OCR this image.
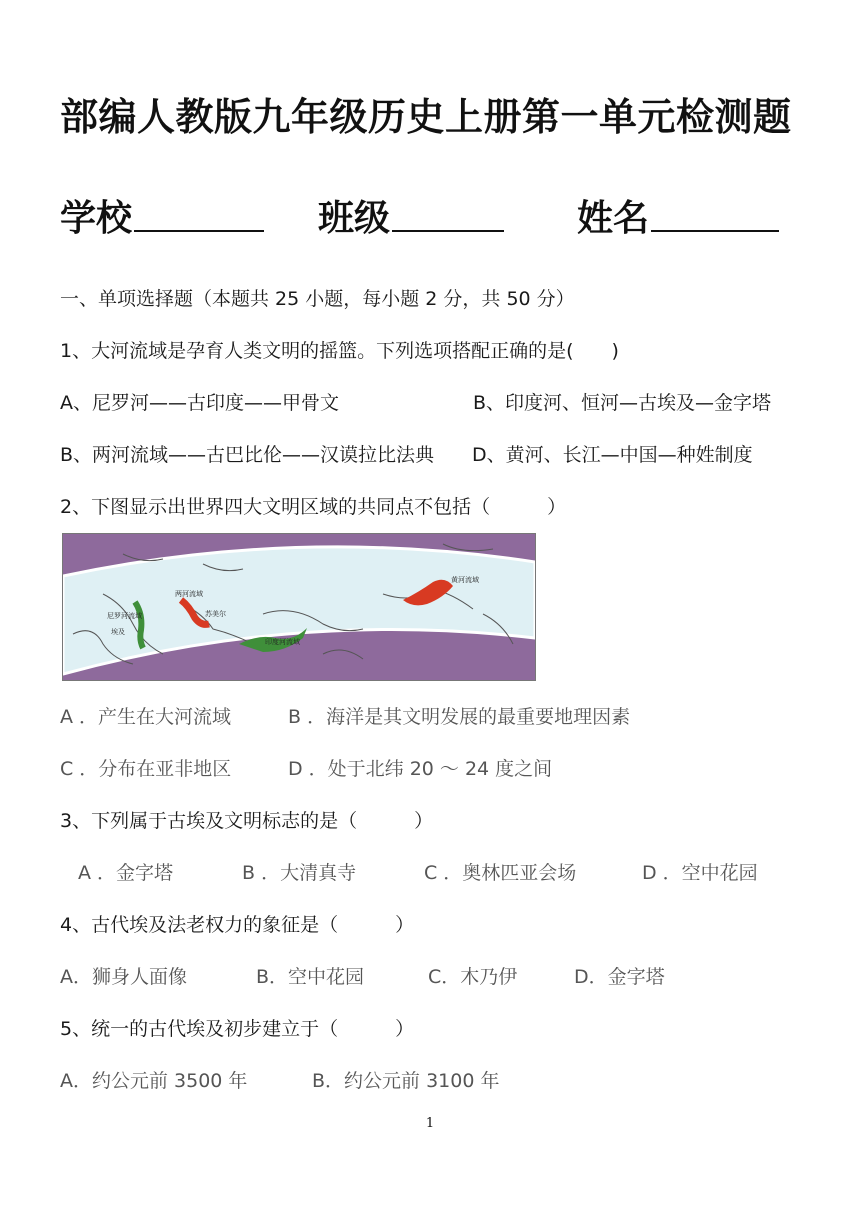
部编人教版九年级历史上册第一单元检测题
学校	班级	姓名
一、单项选择题（本题共 25 小题，每小题 2 分，共 50 分）
1、大河流域是孕育人类文明的摇篮。下列选项搭配正确的是(　　)
A、尼罗河——古印度——甲骨文	B、印度河、恒河—古埃及—金字塔
B、两河流域——古巴比伦——汉谟拉比法典 D、黄河、长江—中国—种姓制度
2、下图显示出世界四大文明区域的共同点不包括（　　　）
黄河流域
尼罗河流域
埃及
两河流域
苏美尔
印度河流域
A ．产生在大河流域	B ．海洋是其文明发展的最重要地理因素
C ．分布在亚非地区	D ．处于北纬 20 ～ 24 度之间
3、下列属于古埃及文明标志的是（　　　）
A ．金字塔	B ．大清真寺	C ．奥林匹亚会场	D ．空中花园
4、古代埃及法老权力的象征是（　　　）
A．狮身人面像	B．空中花园	C．木乃伊	D．金字塔
5、统一的古代埃及初步建立于（　　　）
A．约公元前 3500 年	B．约公元前 3100 年
1
